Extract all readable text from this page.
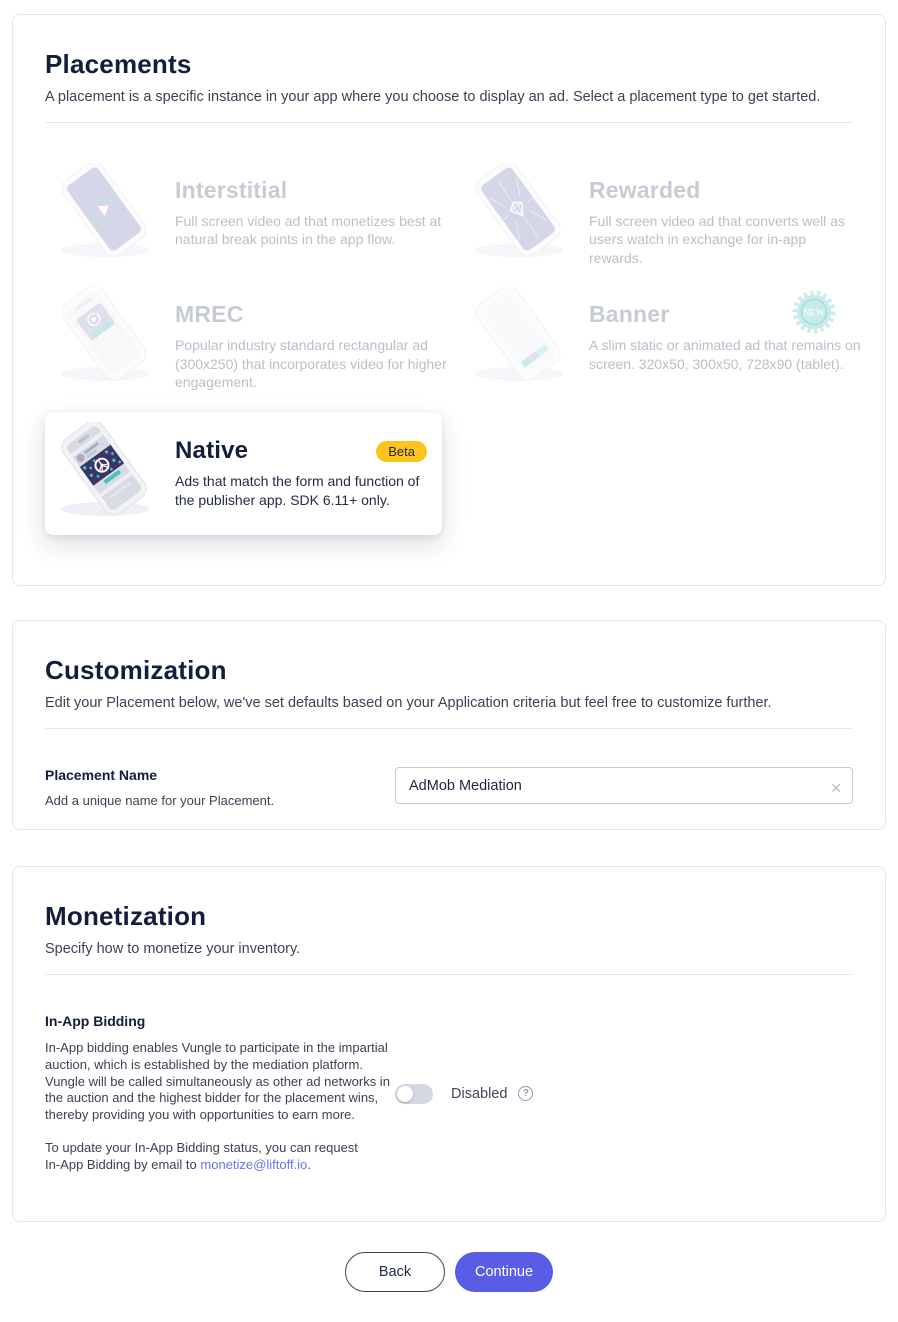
Placements

A placement is a specific instance in your app where you choose to display an ad. Select a placement type to get started.

Interstitial

Full screen video ad that monetizes best at natural break points in the app flow.

Rewarded

Full screen video ad that converts well as users watch in exchange for in-app rewards.

MREC

Popular industry standard rectangular ad (300x250) that incorporates video for higher engagement.

Banner

A slim static or animated ad that remains on screen. 320x50, 300x50, 728x90 (tablet).

NEW
Native	Beta

Ads that match the form and function of the publisher app. SDK 6.11+ only.

Customization

Edit your Placement below, we've set defaults based on your Application criteria but feel free to customize further.

Placement Name
Add a unique name for your Placement.
AdMob Mediation
✕
Monetization

Specify how to monetize your inventory.

In-App Bidding

In-App bidding enables Vungle to participate in the impartial auction, which is established by the mediation platform. Vungle will be called simultaneously as other ad networks in the auction and the highest bidder for the placement wins, thereby providing you with opportunities to earn more.

To update your In-App Bidding status, you can request In-App Bidding by email to monetize@liftoff.io.

Disabled	?
Back	Continue
